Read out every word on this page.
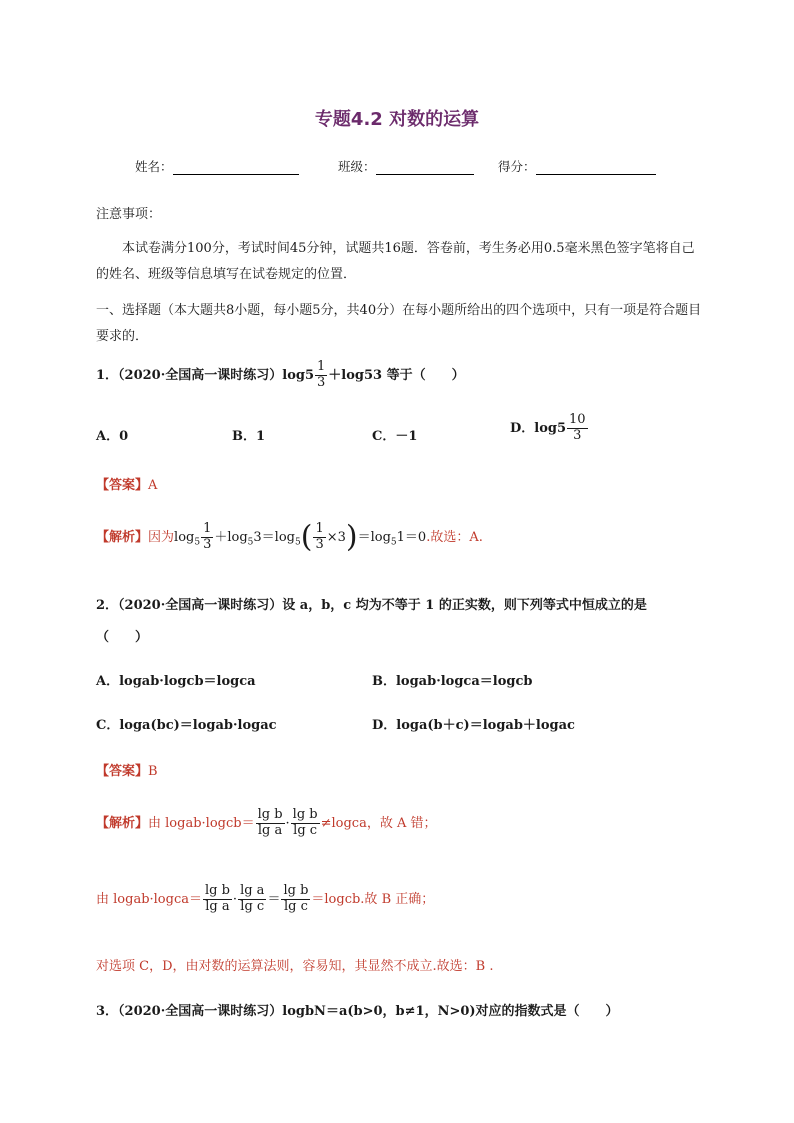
专题4.2 对数的运算
姓名：	班级：	得分：
注意事项：
本试卷满分100分，考试时间45分钟，试题共16题．答卷前，考生务必用0.5毫米黑色签字笔将自己的姓名、班级等信息填写在试卷规定的位置．
一、选择题（本大题共8小题，每小题5分，共40分）在每小题所给出的四个选项中，只有一项是符合题目要求的．
1．（2020·全国高一课时练习）$\log 5 \frac{1}{3} +\log 53$ 等于（　　）
A．0	B．1	C．－1
D．$\log 5 \frac{10}{3}$
【答案】A
【解析】因为$\log_5 \frac{1}{3} +\log_53=\log_5( \frac{1}{3} \times 3)=\log_51=0$.故选：A.
2．（2020·全国高一课时练习）设 a，b，c 均为不等于 1 的正实数，则下列等式中恒成立的是
（　　）
A．logab·logcb＝logca	B．logab·logca＝logcb
C．loga(bc)＝logab·logac	D．loga(b＋c)＝logab＋logac
【答案】B
【解析】由 logab·logcb＝ $\frac{\text{lg b}}{\text{lg a}} \cdot \frac{\text{lg b}}{\text{lg c}}$ ≠logca，故 A 错；
由 logab·logca＝ $\frac{\text{lg b}}{\text{lg a}} \cdot \frac{\text{lg a}}{\text{lg c}} = \frac{\text{lg b}}{\text{lg c}}$ ＝logcb.故 B 正确；
对选项 C，D，由对数的运算法则，容易知，其显然不成立.故选：B .
3．（2020·全国高一课时练习）logbN＝a(b>0，b≠1，N>0)对应的指数式是（　　）
